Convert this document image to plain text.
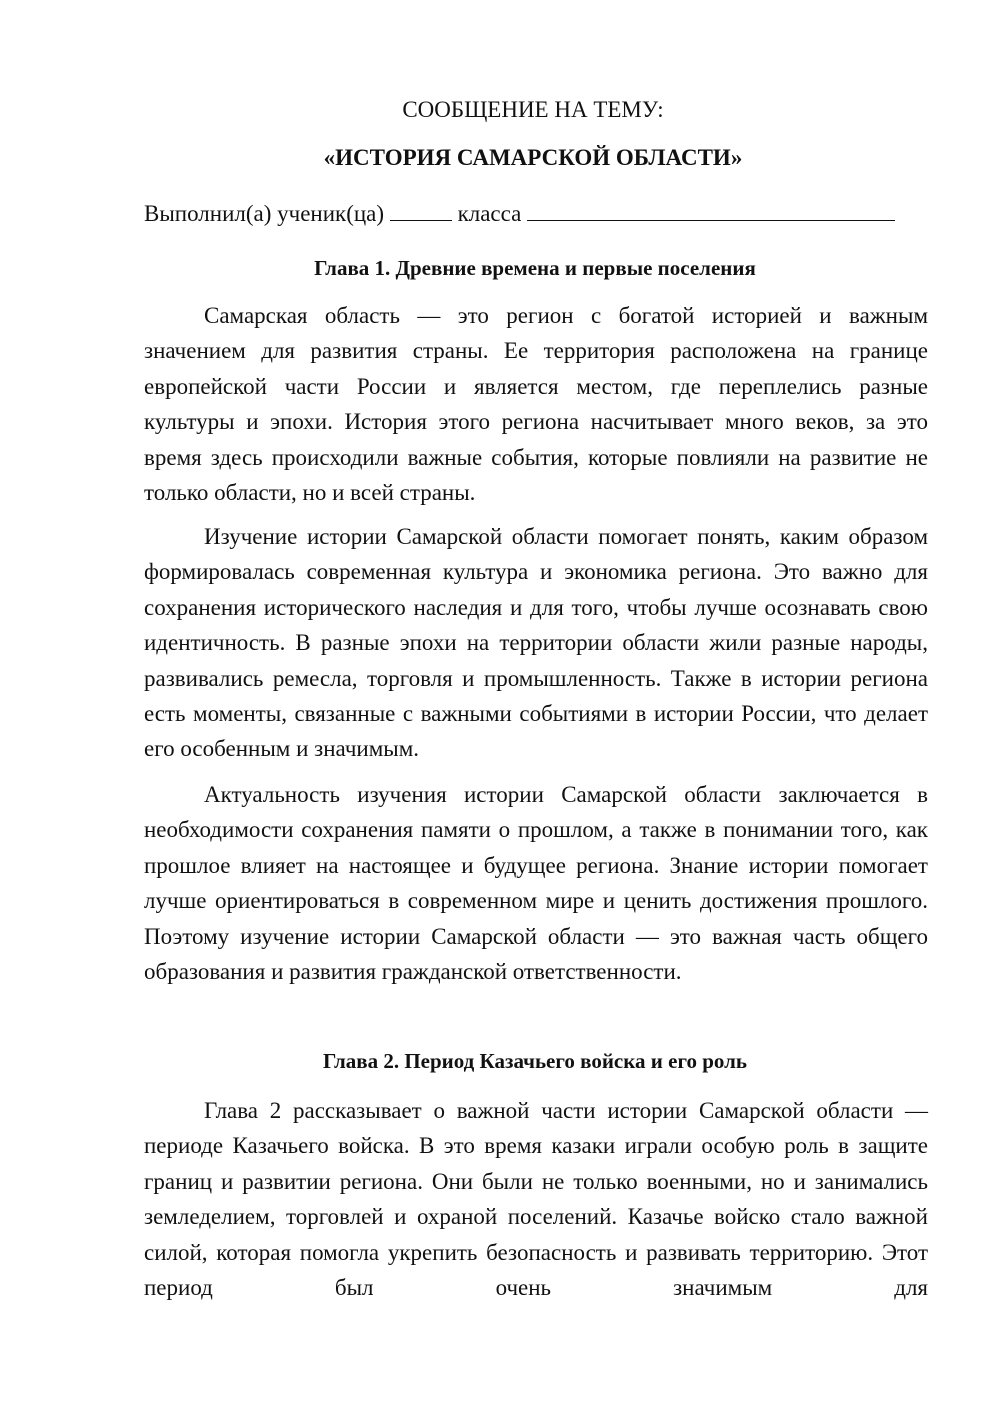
СООБЩЕНИЕ НА ТЕМУ:

«ИСТОРИЯ САМАРСКОЙ ОБЛАСТИ»

Выполнил(а) ученик(ца)	класса
Глава 1. Древние времена и первые поселения

Самарская область — это регион с богатой историей и важным значением для развития страны. Ее территория расположена на границе европейской части России и является местом, где переплелись разные культуры и эпохи. История этого региона насчитывает много веков, за это время здесь происходили важные события, которые повлияли на развитие не только области, но и всей страны.

Изучение истории Самарской области помогает понять, каким образом формировалась современная культура и экономика региона. Это важно для сохранения исторического наследия и для того, чтобы лучше осознавать свою идентичность. В разные эпохи на территории области жили разные народы, развивались ремесла, торговля и промышленность. Также в истории региона есть моменты, связанные с важными событиями в истории России, что делает его особенным и значимым.

Актуальность изучения истории Самарской области заключается в необходимости сохранения памяти о прошлом, а также в понимании того, как прошлое влияет на настоящее и будущее региона. Знание истории помогает лучше ориентироваться в современном мире и ценить достижения прошлого. Поэтому изучение истории Самарской области — это важная часть общего образования и развития гражданской ответственности.

Глава 2. Период Казачьего войска и его роль

Глава 2 рассказывает о важной части истории Самарской области — периоде Казачьего войска. В это время казаки играли особую роль в защите границ и развитии региона. Они были не только военными, но и занимались земледелием, торговлей и охраной поселений. Казачье войско стало важной силой, которая помогла укрепить безопасность и развивать территорию. Этот период был очень значимым для
